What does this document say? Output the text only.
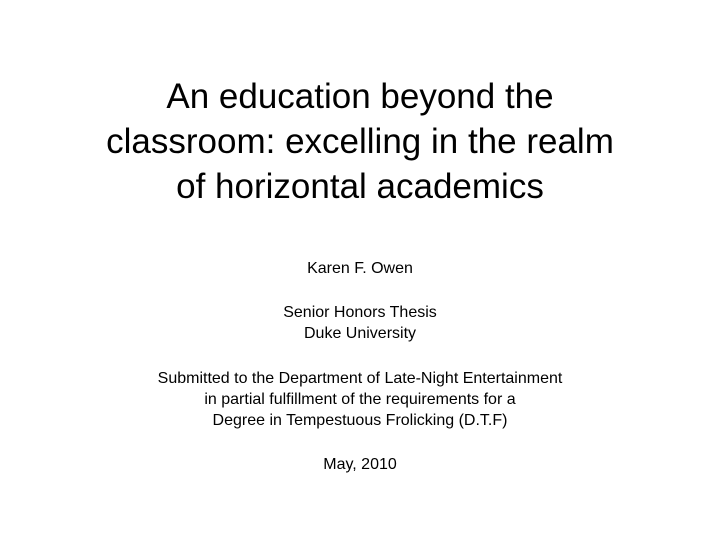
An education beyond the
classroom: excelling in the realm
of horizontal academics
Karen F. Owen
Senior Honors Thesis
Duke University
Submitted to the Department of Late-Night Entertainment
in partial fulfillment of the requirements for a
Degree in Tempestuous Frolicking (D.T.F)
May, 2010
